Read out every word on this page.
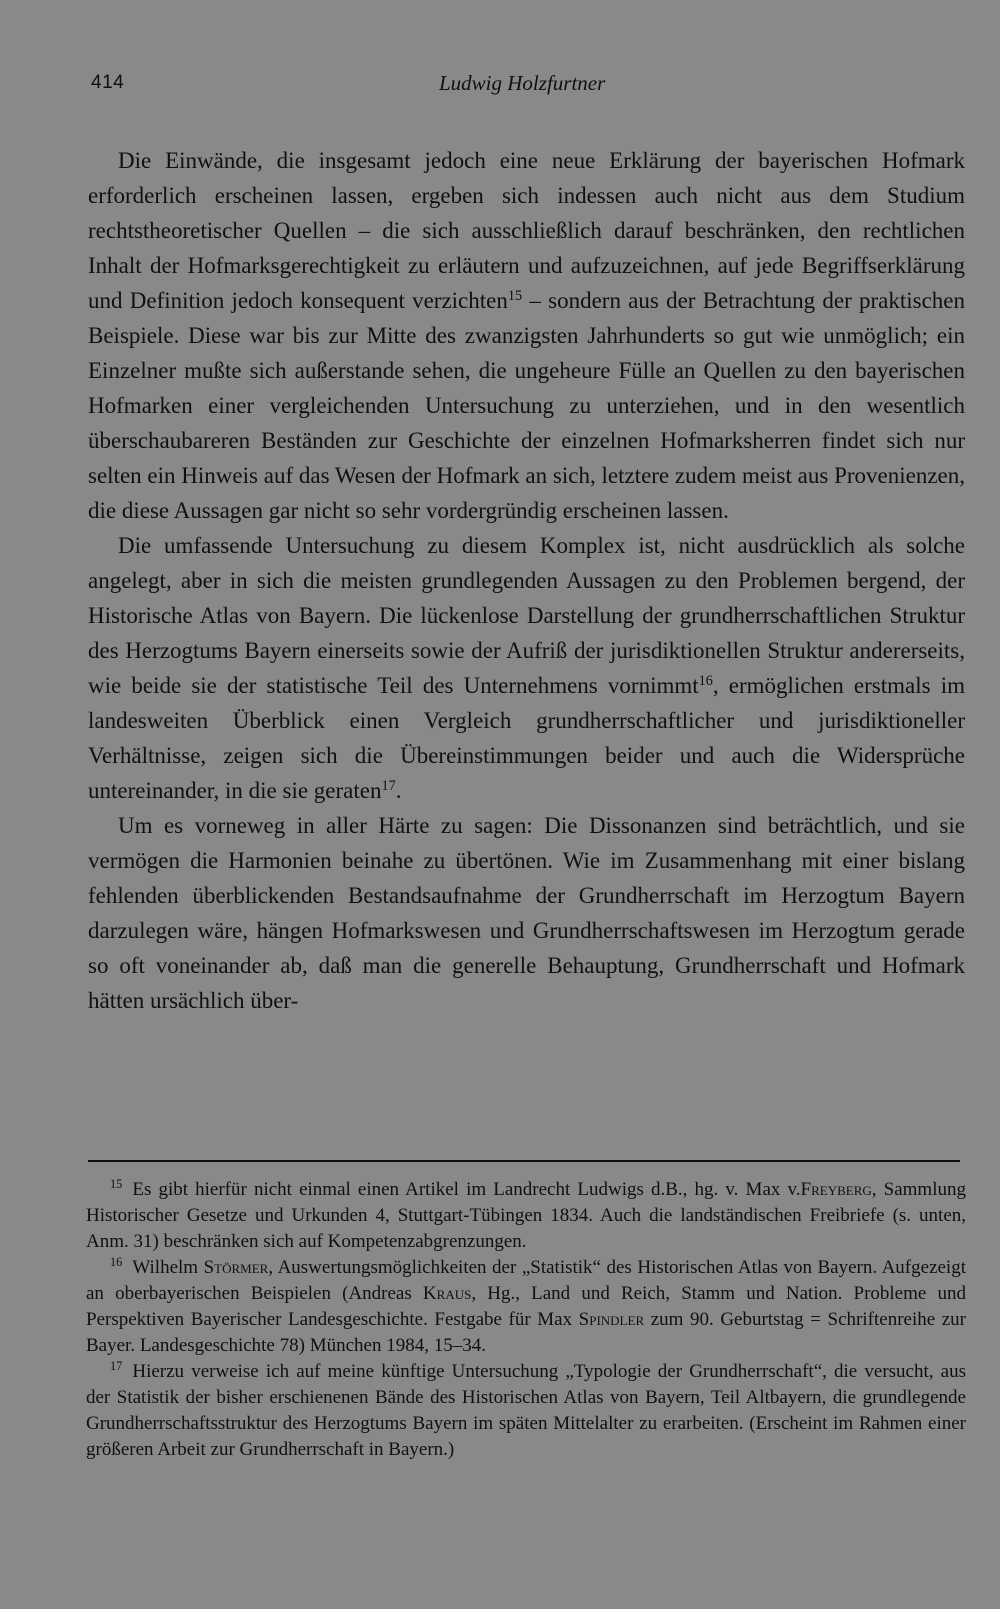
414	Ludwig Holzfurtner

Die Einwände, die insgesamt jedoch eine neue Erklärung der bayerischen Hofmark erforderlich erscheinen lassen, ergeben sich indessen auch nicht aus dem Studium rechtstheoretischer Quellen – die sich ausschließlich darauf beschränken, den rechtlichen Inhalt der Hofmarksgerechtigkeit zu erläutern und aufzuzeichnen, auf jede Begriffserklärung und Definition jedoch konsequent verzichten$^{15}$ – sondern aus der Betrachtung der praktischen Beispiele. Diese war bis zur Mitte des zwanzigsten Jahrhunderts so gut wie unmöglich; ein Einzelner mußte sich außerstande sehen, die ungeheure Fülle an Quellen zu den bayerischen Hofmarken einer vergleichenden Untersuchung zu unterziehen, und in den wesentlich überschaubareren Beständen zur Geschichte der einzelnen Hofmarksherren findet sich nur selten ein Hinweis auf das Wesen der Hofmark an sich, letztere zudem meist aus Provenienzen, die diese Aussagen gar nicht so sehr vordergründig erscheinen lassen.

Die umfassende Untersuchung zu diesem Komplex ist, nicht ausdrücklich als solche angelegt, aber in sich die meisten grundlegenden Aussagen zu den Problemen bergend, der Historische Atlas von Bayern. Die lückenlose Darstellung der grundherrschaftlichen Struktur des Herzogtums Bayern einerseits sowie der Aufriß der jurisdiktionellen Struktur andererseits, wie beide sie der statistische Teil des Unternehmens vornimmt$^{16}$, ermöglichen erstmals im landesweiten Überblick einen Vergleich grundherrschaftlicher und jurisdiktioneller Verhältnisse, zeigen sich die Übereinstimmungen beider und auch die Widersprüche untereinander, in die sie geraten$^{17}$.

Um es vorneweg in aller Härte zu sagen: Die Dissonanzen sind beträchtlich, und sie vermögen die Harmonien beinahe zu übertönen. Wie im Zusammenhang mit einer bislang fehlenden überblickenden Bestandsaufnahme der Grundherrschaft im Herzogtum Bayern darzulegen wäre, hängen Hofmarkswesen und Grundherrschaftswesen im Herzogtum gerade so oft voneinander ab, daß man die generelle Behauptung, Grundherrschaft und Hofmark hätten ursächlich über-

$^{15}$ Es gibt hierfür nicht einmal einen Artikel im Landrecht Ludwigs d.B., hg. v. Max v.Freyberg, Sammlung Historischer Gesetze und Urkunden 4, Stuttgart-Tübingen 1834. Auch die landständischen Freibriefe (s. unten, Anm. 31) beschränken sich auf Kompetenzabgrenzungen.

$^{16}$ Wilhelm Störmer, Auswertungsmöglichkeiten der „Statistik“ des Historischen Atlas von Bayern. Aufgezeigt an oberbayerischen Beispielen (Andreas Kraus, Hg., Land und Reich, Stamm und Nation. Probleme und Perspektiven Bayerischer Landesgeschichte. Festgabe für Max Spindler zum 90. Geburtstag = Schriftenreihe zur Bayer. Landesgeschichte 78) München 1984, 15–34.

$^{17}$ Hierzu verweise ich auf meine künftige Untersuchung „Typologie der Grundherrschaft“, die versucht, aus der Statistik der bisher erschienenen Bände des Historischen Atlas von Bayern, Teil Altbayern, die grundlegende Grundherrschaftsstruktur des Herzogtums Bayern im späten Mittelalter zu erarbeiten. (Erscheint im Rahmen einer größeren Arbeit zur Grundherrschaft in Bayern.)
